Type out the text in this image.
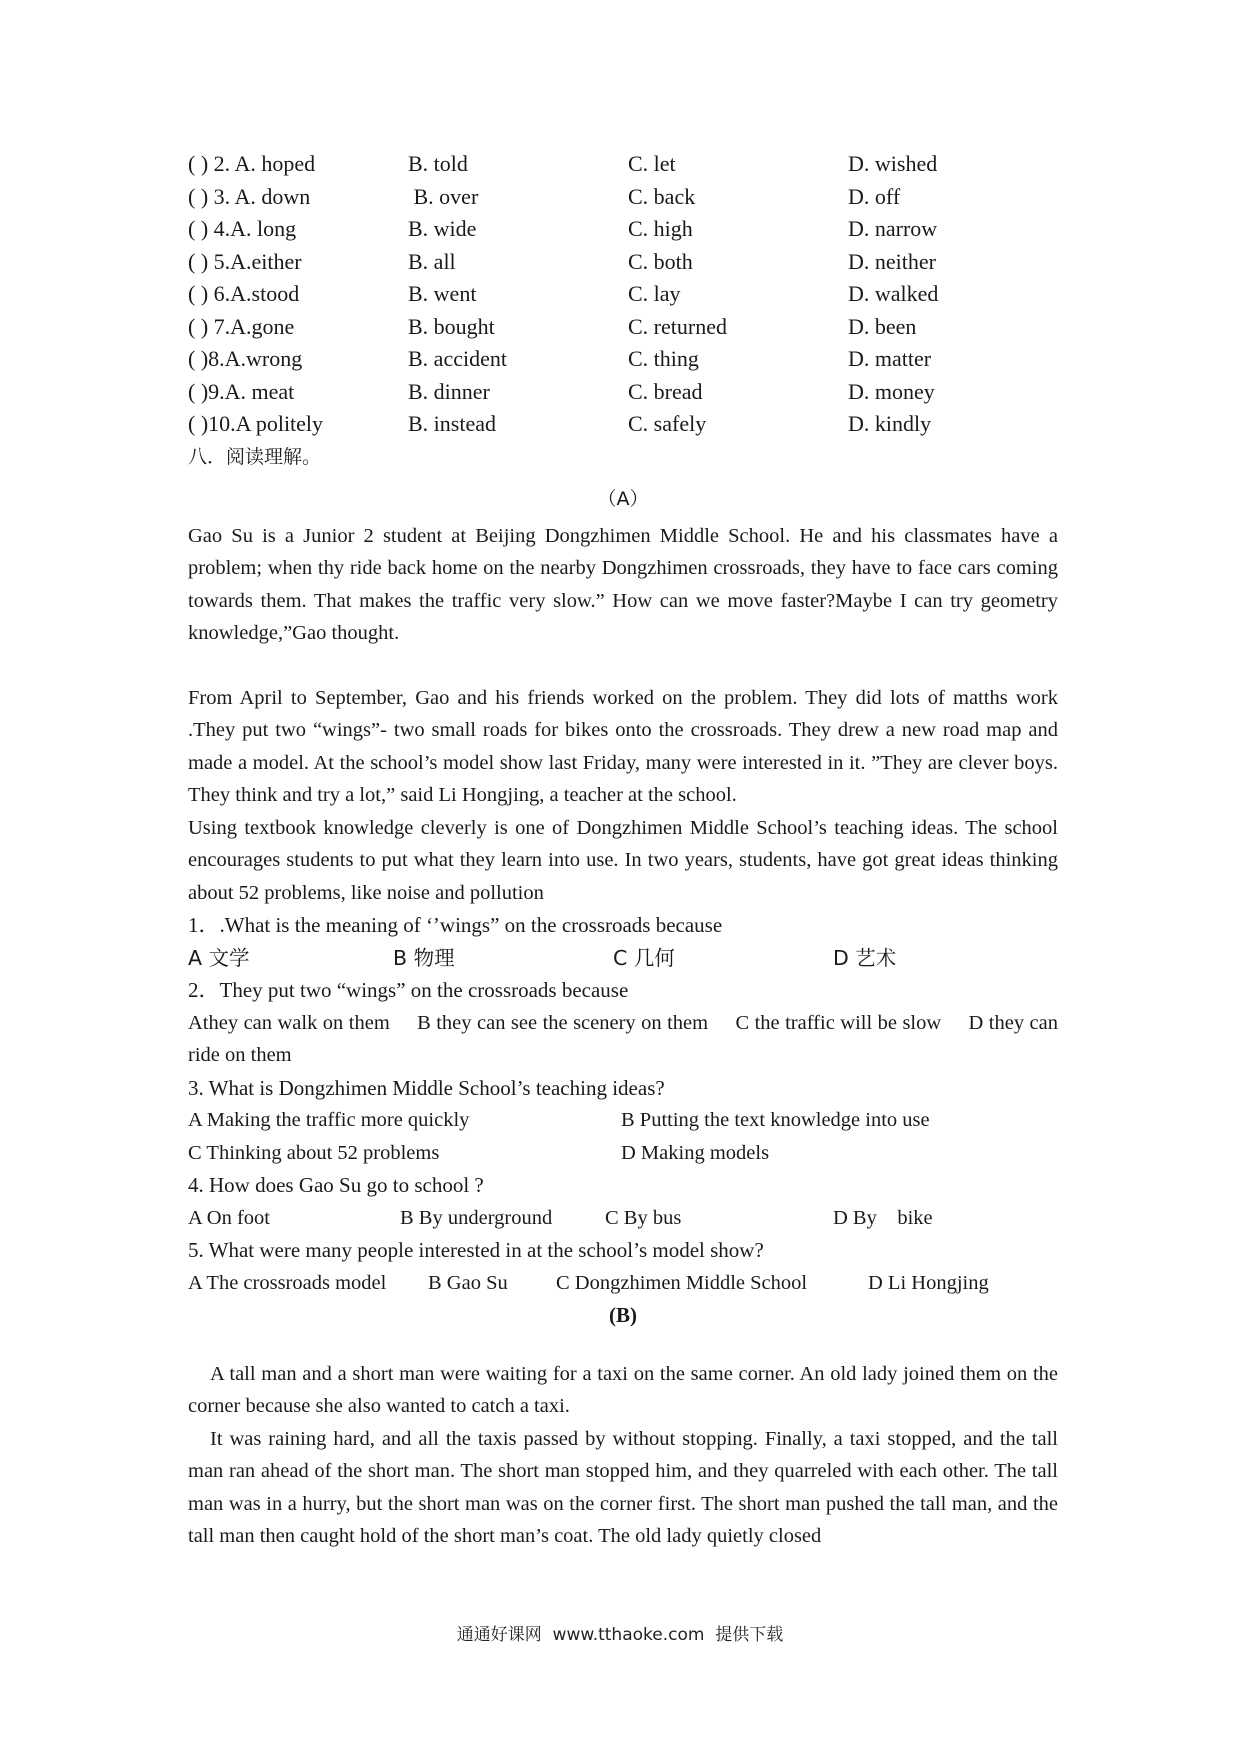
( ) 2. A. hoped	B. told	C. let	D. wished
( ) 3. A. down	B. over	C. back	D. off
( ) 4.A. long	B. wide	C. high	D. narrow
( ) 5.A.either	B. all	C. both	D. neither
( ) 6.A.stood	B. went	C. lay	D. walked
( ) 7.A.gone	B. bought	C. returned	D. been
( )8.A.wrong	B. accident	C. thing	D. matter
( )9.A. meat	B. dinner	C. bread	D. money
( )10.A politely	B. instead	C. safely	D. kindly
八．阅读理解。
（A）
Gao Su is a Junior 2 student at Beijing Dongzhimen Middle School. He and his classmates have a problem; when thy ride back home on the nearby Dongzhimen crossroads, they have to face cars coming towards them. That makes the traffic very slow.” How can we move faster?Maybe I can try geometry knowledge,”Gao thought.
From April to September, Gao and his friends worked on the problem. They did lots of matths work .They put two “wings”- two small roads for bikes onto the crossroads. They drew a new road map and made a model. At the school’s model show last Friday, many were interested in it. ”They are clever boys. They think and try a lot,” said Li Hongjing, a teacher at the school.
Using textbook knowledge cleverly is one of Dongzhimen Middle School’s teaching ideas. The school encourages students to put what they learn into use. In two years, students, have got great ideas thinking about 52 problems, like noise and pollution
1．.What is the meaning of ‘’wings” on the crossroads because
A 文学	B 物理	C 几何	D 艺术
2．They put two “wings” on the crossroads because
Athey can walk on them     B they can see the scenery on them     C the traffic will be slow     D they can ride on them
3. What is Dongzhimen Middle School’s teaching ideas?
A Making the traffic more quickly	B Putting the text knowledge into use
C Thinking about 52 problems	D Making models
4. How does Gao Su go to school ?
A On foot	B By underground	C By bus	D By    bike
5. What were many people interested in at the school’s model show?
A The crossroads model	B Gao Su	C Dongzhimen Middle School	D Li Hongjing
(B)
A tall man and a short man were waiting for a taxi on the same corner. An old lady joined them on the corner because she also wanted to catch a taxi.
It was raining hard, and all the taxis passed by without stopping. Finally, a taxi stopped, and the tall man ran ahead of the short man. The short man stopped him, and they quarreled with each other. The tall man was in a hurry, but the short man was on the corner first. The short man pushed the tall man, and the tall man then caught hold of the short man’s coat. The old lady quietly closed
通通好课网  www.tthaoke.com  提供下载
